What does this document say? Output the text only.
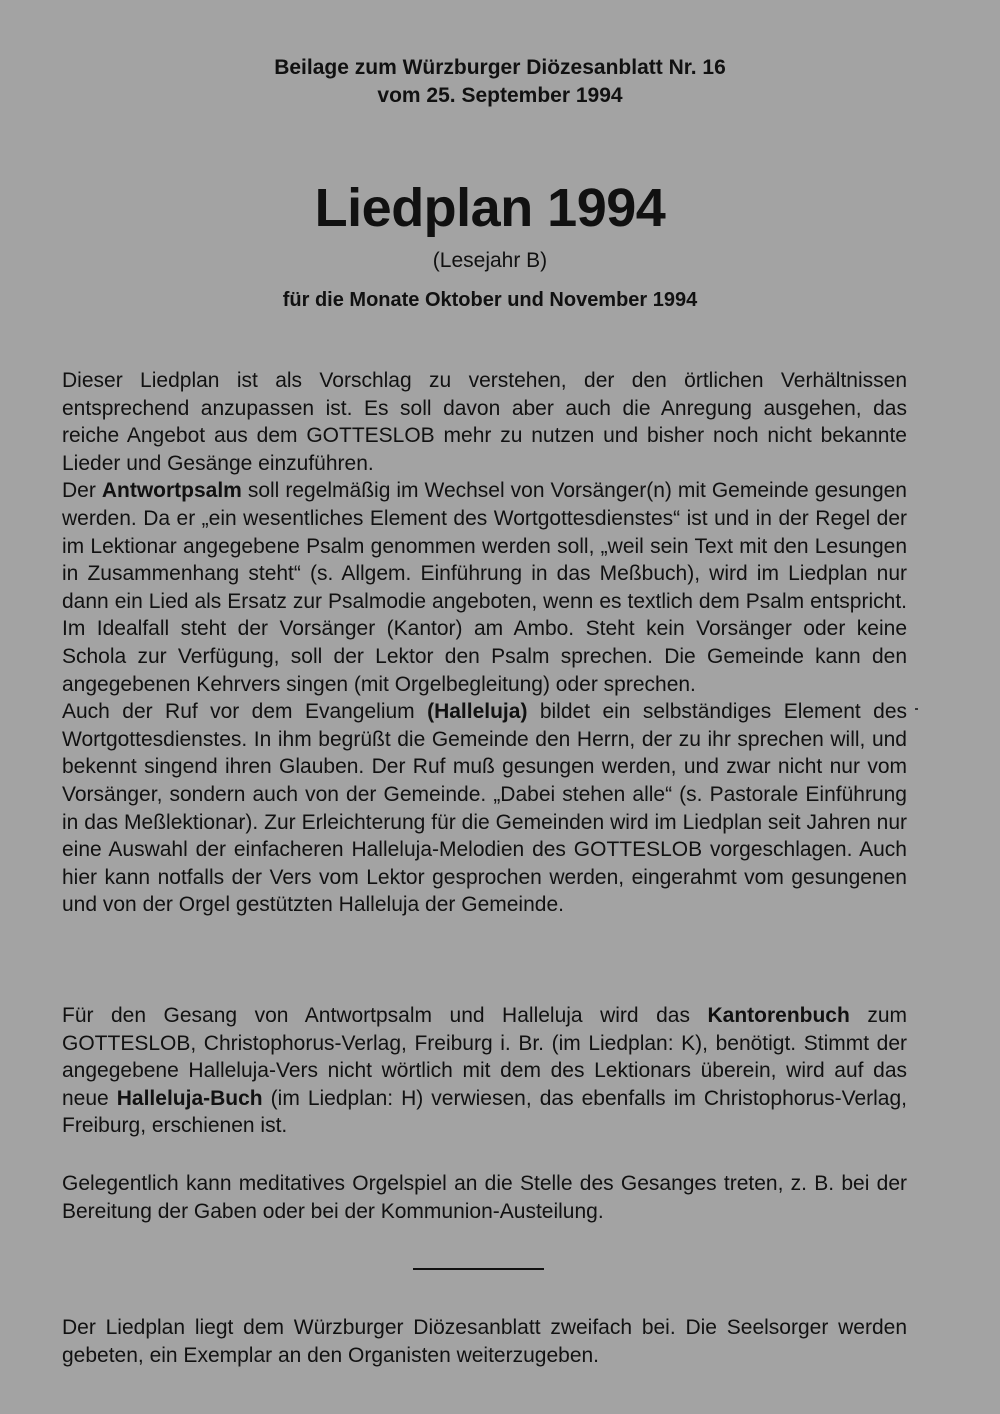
Beilage zum Würzburger Diözesanblatt Nr. 16
vom 25. September 1994
Liedplan 1994
(Lesejahr B)
für die Monate Oktober und November 1994

Dieser Liedplan ist als Vorschlag zu verstehen, der den örtlichen Verhältnissen entsprechend anzupassen ist. Es soll davon aber auch die Anregung ausgehen, das reiche Angebot aus dem GOTTESLOB mehr zu nutzen und bisher noch nicht bekannte Lieder und Gesänge einzuführen.

Der Antwortpsalm soll regelmäßig im Wechsel von Vorsänger(n) mit Gemeinde gesungen werden. Da er „ein wesentliches Element des Wortgottesdienstes“ ist und in der Regel der im Lektionar angegebene Psalm genommen werden soll, „weil sein Text mit den Lesungen in Zusammenhang steht“ (s. Allgem. Einführung in das Meßbuch), wird im Liedplan nur dann ein Lied als Ersatz zur Psalmodie angeboten, wenn es textlich dem Psalm entspricht. Im Idealfall steht der Vorsänger (Kantor) am Ambo. Steht kein Vorsänger oder keine Schola zur Verfügung, soll der Lektor den Psalm sprechen. Die Gemeinde kann den angegebenen Kehrvers singen (mit Orgelbegleitung) oder sprechen.

Auch der Ruf vor dem Evangelium (Halleluja) bildet ein selbständiges Element des Wortgottesdienstes. In ihm begrüßt die Gemeinde den Herrn, der zu ihr sprechen will, und bekennt singend ihren Glauben. Der Ruf muß gesungen werden, und zwar nicht nur vom Vorsänger, sondern auch von der Gemeinde. „Dabei stehen alle“ (s. Pastorale Einführung in das Meßlektionar). Zur Erleichterung für die Gemeinden wird im Liedplan seit Jahren nur eine Auswahl der einfacheren Halleluja-Melodien des GOTTESLOB vorgeschlagen. Auch hier kann notfalls der Vers vom Lektor gesprochen werden, eingerahmt vom gesungenen und von der Orgel gestützten Halleluja der Gemeinde.

Für den Gesang von Antwortpsalm und Halleluja wird das Kantorenbuch zum GOTTESLOB, Christophorus-Verlag, Freiburg i. Br. (im Liedplan: K), benötigt. Stimmt der angegebene Halleluja-Vers nicht wörtlich mit dem des Lektionars überein, wird auf das neue Halleluja-Buch (im Liedplan: H) verwiesen, das ebenfalls im Christophorus-Verlag, Freiburg, erschienen ist.

Gelegentlich kann meditatives Orgelspiel an die Stelle des Gesanges treten, z. B. bei der Bereitung der Gaben oder bei der Kommunion-Austeilung.

Der Liedplan liegt dem Würzburger Diözesanblatt zweifach bei. Die Seelsorger werden gebeten, ein Exemplar an den Organisten weiterzugeben.
